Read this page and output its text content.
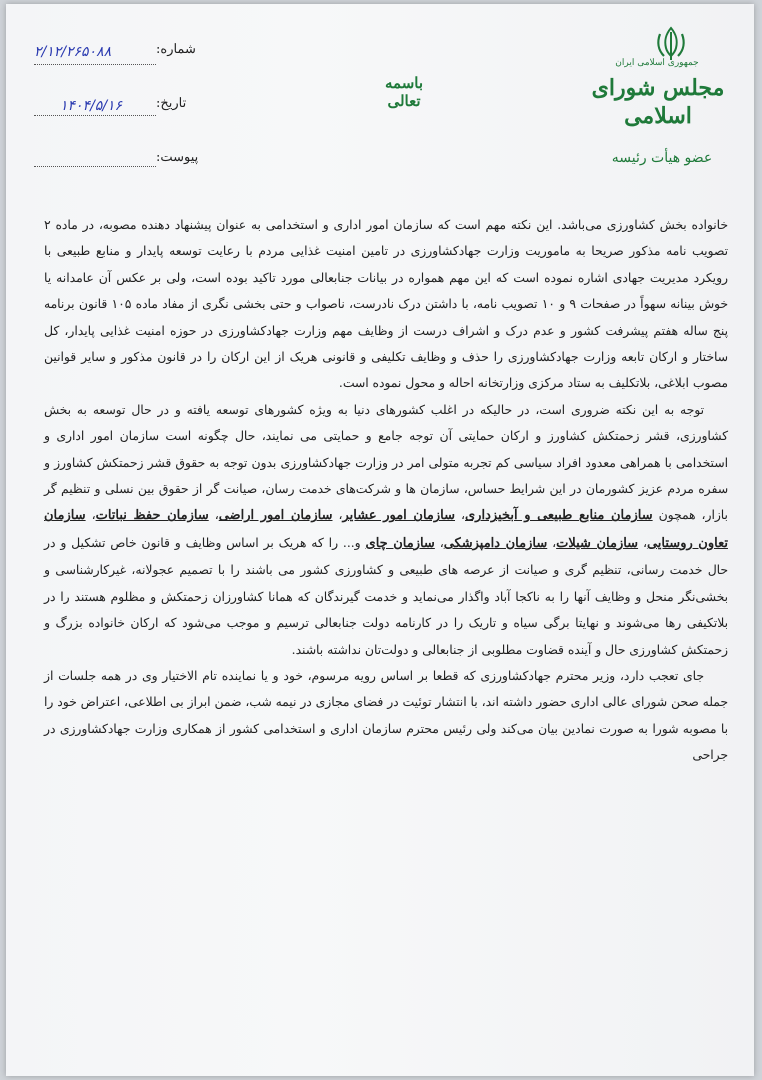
جمهوری اسلامی ایران
مجلس شورای اسلامی
عضو هیأت رئیسه
باسمه تعالی
شماره:
۲/۱۲/۲۶۵۰۸۸
تاریخ:
۱۴۰۴/۵/۱۶
پیوست:

خانواده بخش کشاورزی می‌باشد. این نکته مهم است که سازمان امور اداری و استخدامی به عنوان پیشنهاد دهنده مصوبه، در ماده ۲ تصویب نامه مذکور صریحا به ماموریت وزارت جهادکشاورزی در تامین امنیت غذایی مردم با رعایت توسعه پایدار و منابع طبیعی با رویکرد مدیریت جهادی اشاره نموده است که این مهم همواره در بیانات جنابعالی مورد تاکید بوده است، ولی بر عکس آن عامدانه یا خوش بینانه سهواً در صفحات ۹ و ۱۰ تصویب نامه، با داشتن درک نادرست، ناصواب و حتی بخشی نگری از مفاد ماده ۱۰۵ قانون برنامه پنج ساله هفتم پیشرفت کشور و عدم درک و اشراف درست از وظایف مهم وزارت جهادکشاورزی در حوزه امنیت غذایی پایدار، کل ساختار و ارکان تابعه وزارت جهادکشاورزی را حذف و وظایف تکلیفی و قانونی هریک از این ارکان را در قانون مذکور و سایر قوانین مصوب ابلاغی، بلاتکلیف به ستاد مرکزی وزارتخانه احاله و محول نموده است.

توجه به این نکته ضروری است، در حالیکه در اغلب کشورهای دنیا به ویژه کشورهای توسعه یافته و در حال توسعه به بخش کشاورزی، قشر زحمتکش کشاورز و ارکان حمایتی آن توجه جامع و حمایتی می نمایند، حال چگونه است سازمان امور اداری و استخدامی با همراهی معدود افراد سیاسی کم تجربه متولی امر در وزارت جهادکشاورزی بدون توجه به حقوق قشر زحمتکش کشاورز و سفره مردم عزیز کشورمان در این شرایط حساس، سازمان ها و شرکت‌های خدمت رسان، صیانت گر از حقوق بین نسلی و تنظیم گر بازار، همچون سازمان منابع طبیعی و آبخیزداری، سازمان امور عشایر، سازمان امور اراضی، سازمان حفظ نباتات، سازمان تعاون روستایی، سازمان شیلات، سازمان دامپزشکی، سازمان چای و... را که هریک بر اساس وظایف و قانون خاص تشکیل و در حال خدمت رسانی، تنظیم گری و صیانت از عرصه های طبیعی و کشاورزی کشور می باشند را با تصمیم عجولانه، غیرکارشناسی و بخشی‌نگر منحل و وظایف آنها را به ناکجا آباد واگذار می‌نماید و خدمت گیرندگان که همانا کشاورزان زحمتکش و مظلوم هستند را در بلاتکیفی رها می‌شوند و نهایتا برگی سیاه و تاریک را در کارنامه دولت جنابعالی ترسیم و موجب می‌شود که ارکان خانواده بزرگ و زحمتکش کشاورزی حال و آینده قضاوت مطلوبی از جنابعالی و دولت‌تان نداشته باشند.

جای تعجب دارد، وزیر محترم جهادکشاورزی که قطعا بر اساس رویه مرسوم، خود و یا نماینده تام الاختیار وی در همه جلسات از جمله صحن شورای عالی اداری حضور داشته اند، با انتشار توئیت در فضای مجازی در نیمه شب، ضمن ابراز بی اطلاعی، اعتراض خود را با مصوبه شورا به صورت نمادین بیان می‌کند ولی رئیس محترم سازمان اداری و استخدامی کشور از همکاری وزارت جهادکشاورزی در جراحی
